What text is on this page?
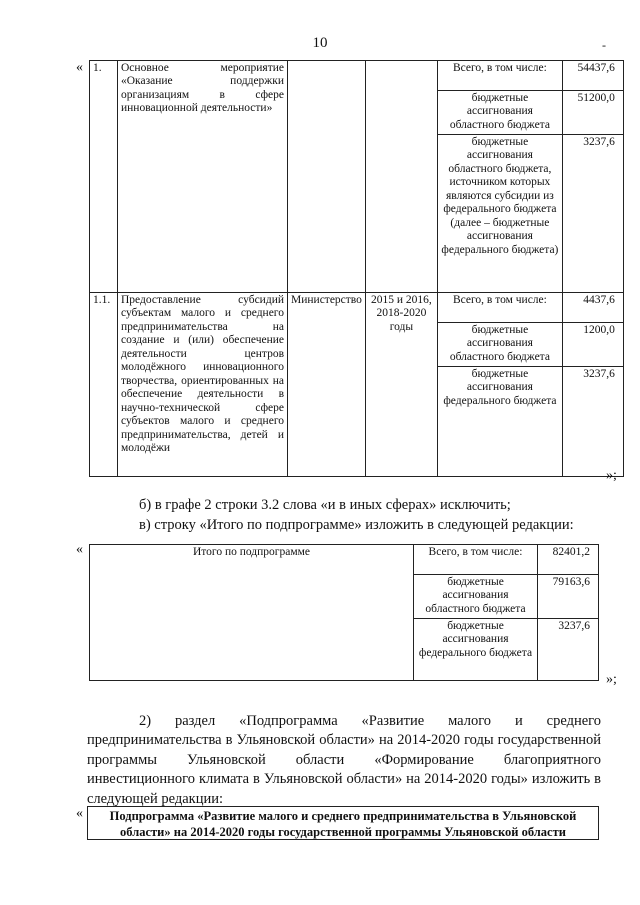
10	-
« 1.	Основное мероприятие «Оказание поддержки организациям в сфере инновационной деятельности»			Всего, в том числе:	54437,6
				бюджетные ассигнования областного бюджета	51200,0
				бюджетные ассигнования областного бюджета, источником которых являются субсидии из федерального бюджета (далее – бюджетные ассигнования федерального бюджета)	3237,6
1.1.	Предоставление субсидий субъектам малого и среднего предпринимательства на создание и (или) обеспечение деятельности центров молодёжного инновационного творчества, ориентированных на обеспечение деятельности в научно-технической сфере субъектов малого и среднего предпринимательства, детей и молодёжи	Министерство	2015 и 2016, 2018-2020 годы	Всего, в том числе:	4437,6
				бюджетные ассигнования областного бюджета	1200,0
				бюджетные ассигнования федерального бюджета	3237,6
»;
б) в графе 2 строки 3.2 слова «и в иных сферах» исключить;
в) строку «Итого по подпрограмме» изложить в следующей редакции:
«	Итого по подпрограмме	Всего, в том числе:	82401,2
	бюджетные ассигнования областного бюджета	79163,6
	бюджетные ассигнования федерального бюджета	3237,6
»;
2) раздел «Подпрограмма «Развитие малого и среднего предпринимательства в Ульяновской области» на 2014-2020 годы государственной программы Ульяновской области «Формирование благоприятного инвестиционного климата в Ульяновской области» на 2014-2020 годы» изложить в следующей редакции:
«	Подпрограмма «Развитие малого и среднего предпринимательства в Ульяновской области» на 2014-2020 годы государственной программы Ульяновской области
